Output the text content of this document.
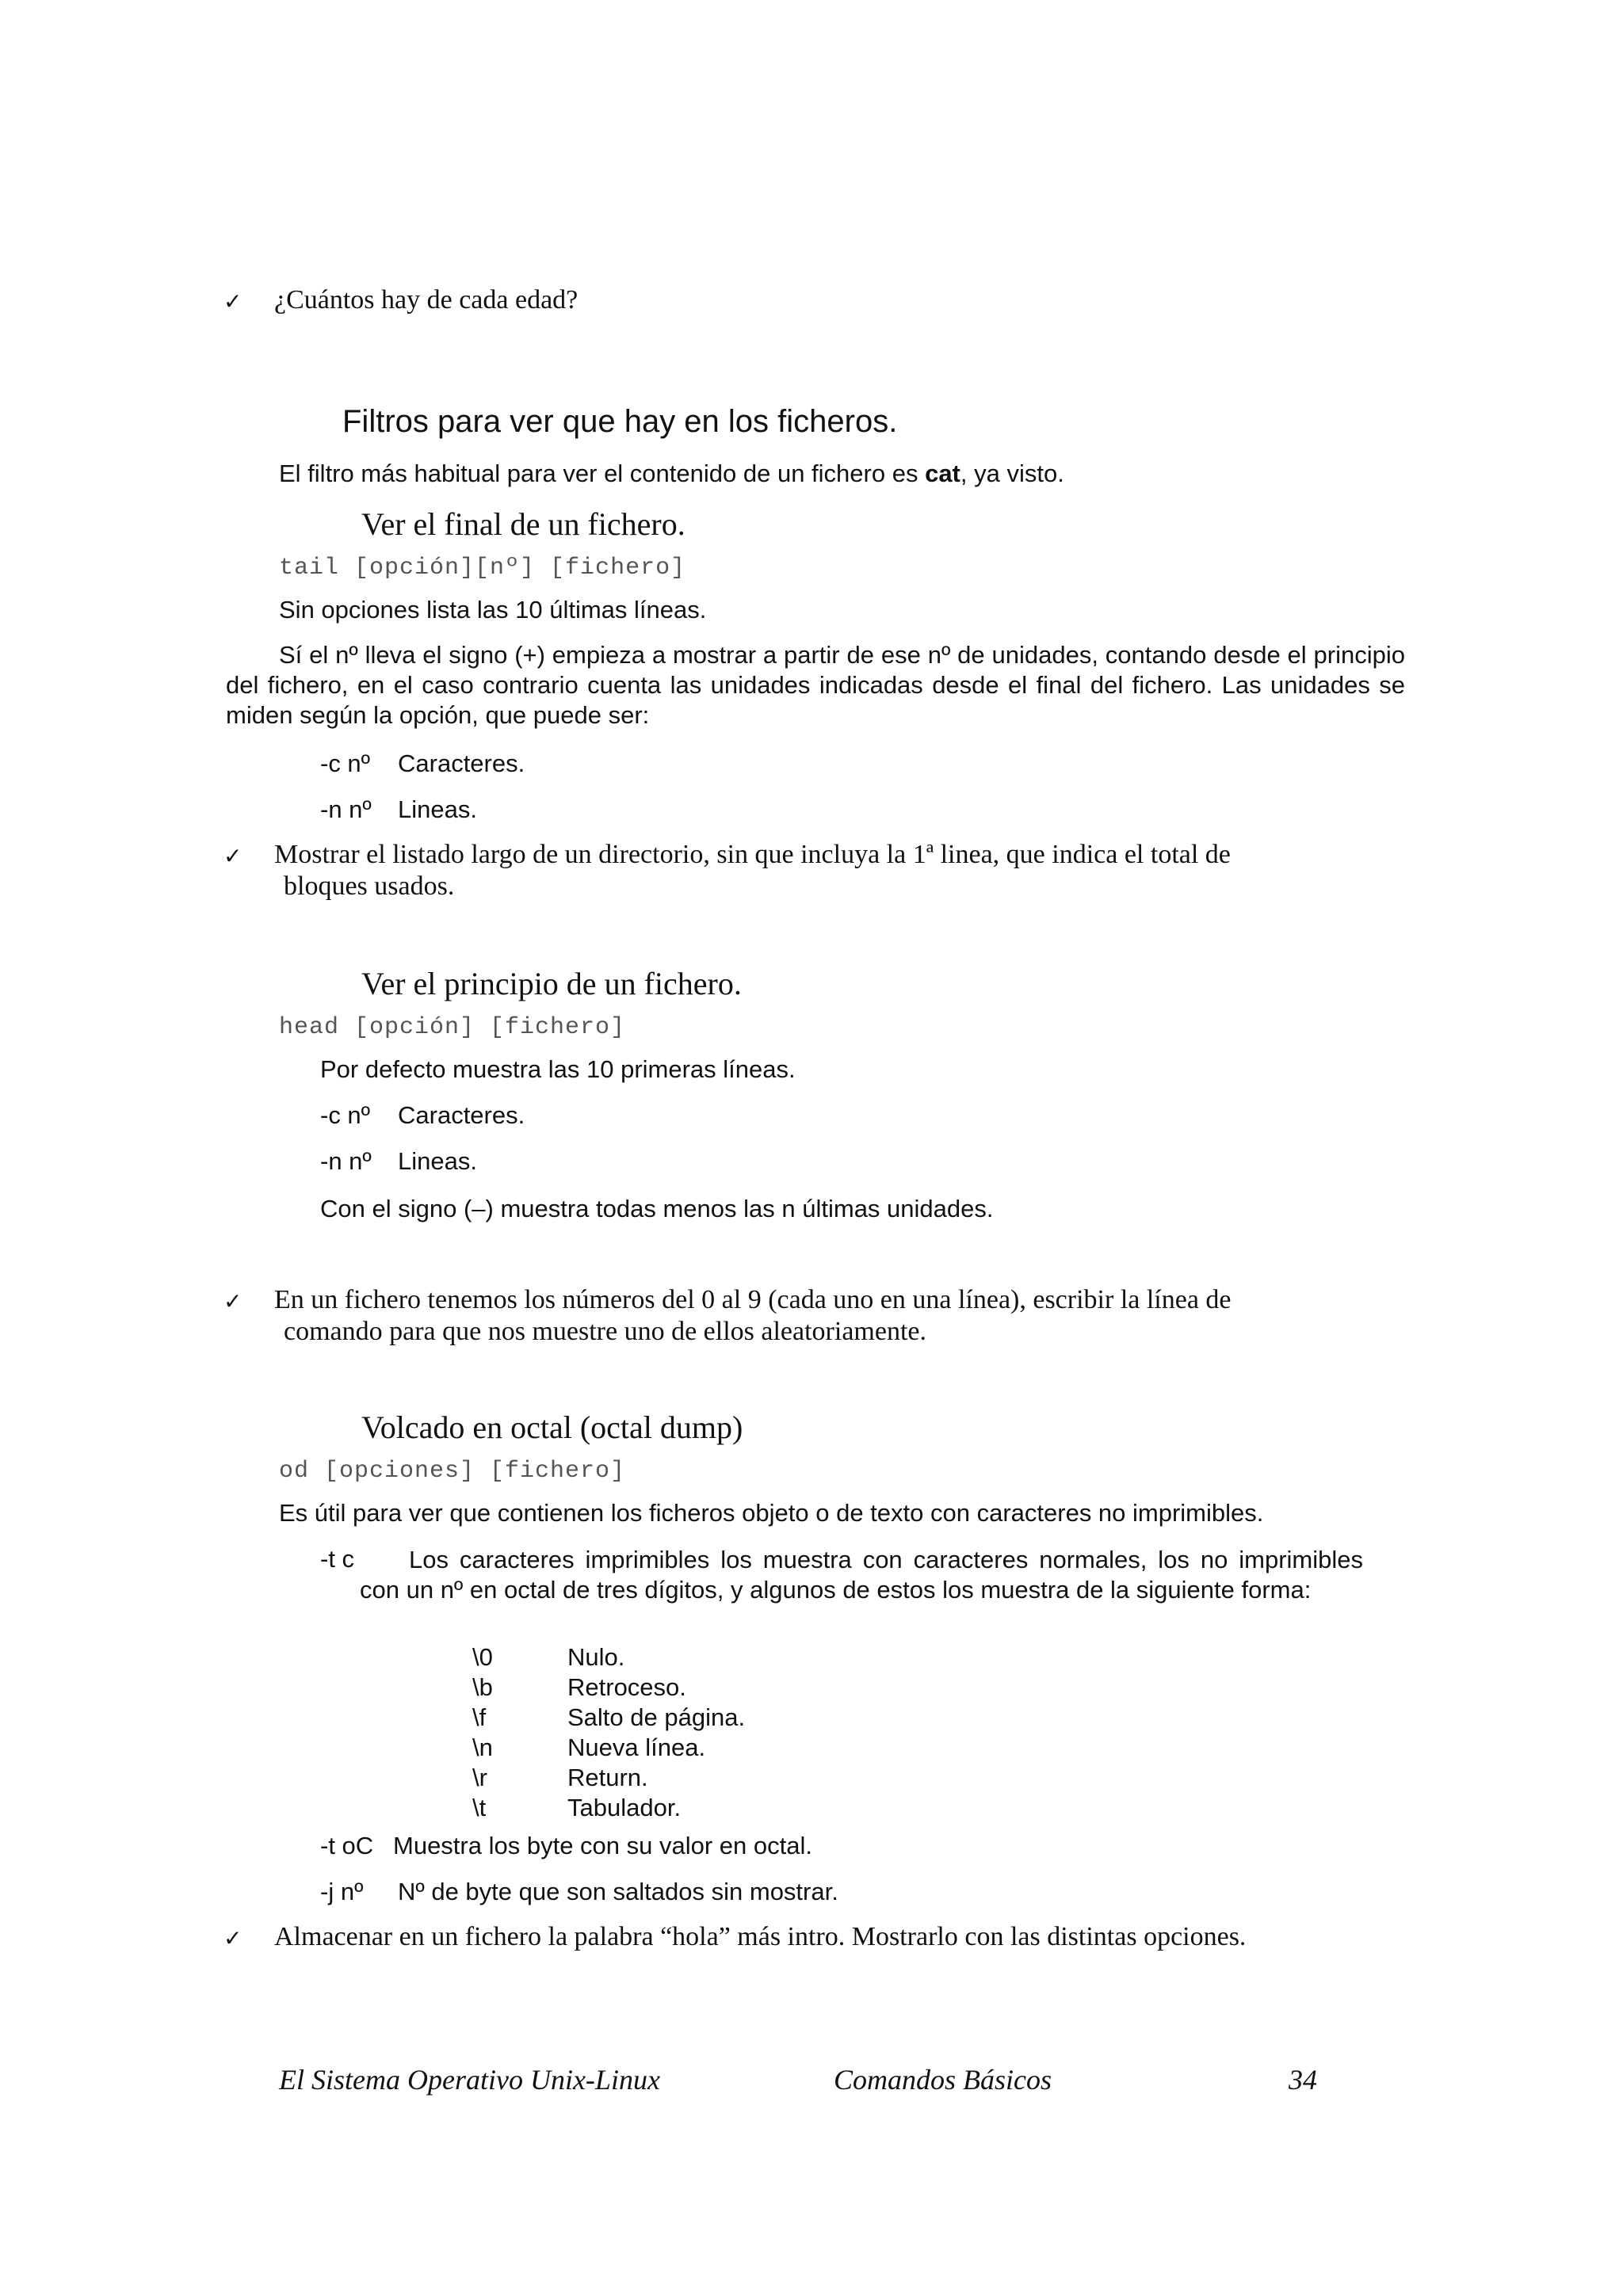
✓ ¿Cuántos hay de cada edad?
Filtros para ver que hay en los ficheros.
El filtro más habitual para ver el contenido de un fichero es cat, ya visto.
Ver el final de un fichero.
tail [opción][nº] [fichero]
Sin opciones lista las 10 últimas líneas.
Sí el nº lleva el signo (+) empieza a mostrar a partir de ese nº de unidades, contando desde el principio del fichero, en el caso contrario cuenta las unidades indicadas desde el final del fichero. Las unidades se miden según la opción, que puede ser:
-c nº Caracteres.
-n nº Lineas.
✓ Mostrar el listado largo de un directorio, sin que incluya la 1ª linea, que indica el total de
bloques usados.
Ver el principio de un fichero.
head [opción] [fichero]
Por defecto muestra las 10 primeras líneas.
-c nº Caracteres.
-n nº Lineas.
Con el signo (–) muestra todas menos las n últimas unidades.
✓ En un fichero tenemos los números del 0 al 9 (cada uno en una línea), escribir la línea de
comando para que nos muestre uno de ellos aleatoriamente.
Volcado en octal (octal dump)
od [opciones] [fichero]
Es útil para ver que contienen los ficheros objeto o de texto con caracteres no imprimibles.
-t c	Los caracteres imprimibles los muestra con caracteres normales, los no imprimibles con un nº en octal de tres dígitos, y algunos de estos los muestra de la siguiente forma:
\0	Nulo.
\b	Retroceso.
\f	Salto de página.
\n	Nueva línea.
\r	Return.
\t	Tabulador.
-t oC Muestra los byte con su valor en octal.
-j nº Nº de byte que son saltados sin mostrar.
✓ Almacenar en un fichero la palabra “hola” más intro. Mostrarlo con las distintas opciones.
El Sistema Operativo Unix-Linux	Comandos Básicos	34
